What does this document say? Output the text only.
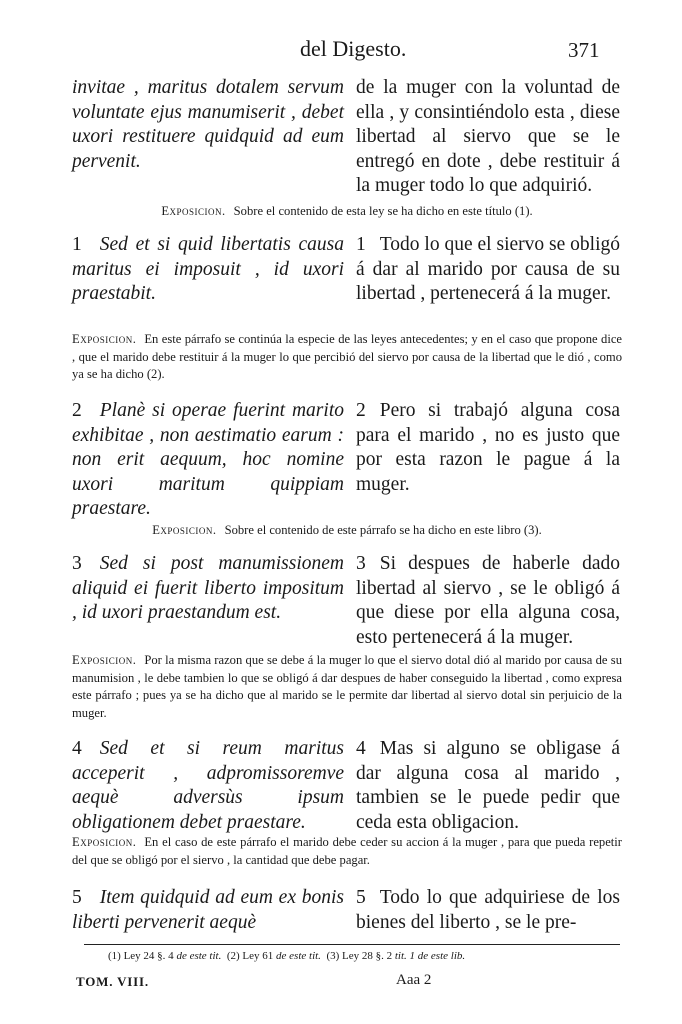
del Digesto.	371
invitae , maritus dotalem servum voluntate ejus manumiserit , debet uxori restituere quidquid ad eum pervenit.
de la muger con la voluntad de ella , y consintiéndolo esta , diese libertad al siervo que se le entregó en dote , debe restituir á la muger todo lo que adquirió.
Exposicion. Sobre el contenido de esta ley se ha dicho en este título (1).
1 Sed et si quid libertatis causa maritus ei imposuit , id uxori praestabit.
1 Todo lo que el siervo se obligó á dar al marido por causa de su libertad , pertenecerá á la muger.
Exposicion. En este párrafo se continúa la especie de las leyes antecedentes; y en el caso que propone dice , que el marido debe restituir á la muger lo que percibió del siervo por causa de la libertad que le dió , como ya se ha dicho (2).
2 Planè si operae fuerint marito exhibitae , non aestimatio earum : non erit aequum, hoc nomine uxori maritum quippiam praestare.
2 Pero si trabajó alguna cosa para el marido , no es justo que por esta razon le pague á la muger.
Exposicion. Sobre el contenido de este párrafo se ha dicho en este libro (3).
3 Sed si post manumissionem aliquid ei fuerit liberto impositum , id uxori praestandum est.
3 Si despues de haberle dado libertad al siervo , se le obligó á que diese por ella alguna cosa, esto pertenecerá á la muger.
Exposicion. Por la misma razon que se debe á la muger lo que el siervo dotal dió al marido por causa de su manumision , le debe tambien lo que se obligó á dar despues de haber conseguido la libertad , como expresa este párrafo ; pues ya se ha dicho que al marido se le permite dar libertad al siervo dotal sin perjuicio de la muger.
4 Sed et si reum maritus acceperit , adpromissoremve aequè adversùs ipsum obligationem debet praestare.
4 Mas si alguno se obligase á dar alguna cosa al marido , tambien se le puede pedir que ceda esta obligacion.
Exposicion. En el caso de este párrafo el marido debe ceder su accion á la muger , para que pueda repetir del que se obligó por el siervo , la cantidad que debe pagar.
5 Item quidquid ad eum ex bonis liberti pervenerit aequè
5 Todo lo que adquiriese de los bienes del liberto , se le pre-
(1) Ley 24 §. 4 de este tit. (2) Ley 61 de este tit. (3) Ley 28 §. 2 tit. 1 de este lib.
TOM. VIII.	Aaa 2
